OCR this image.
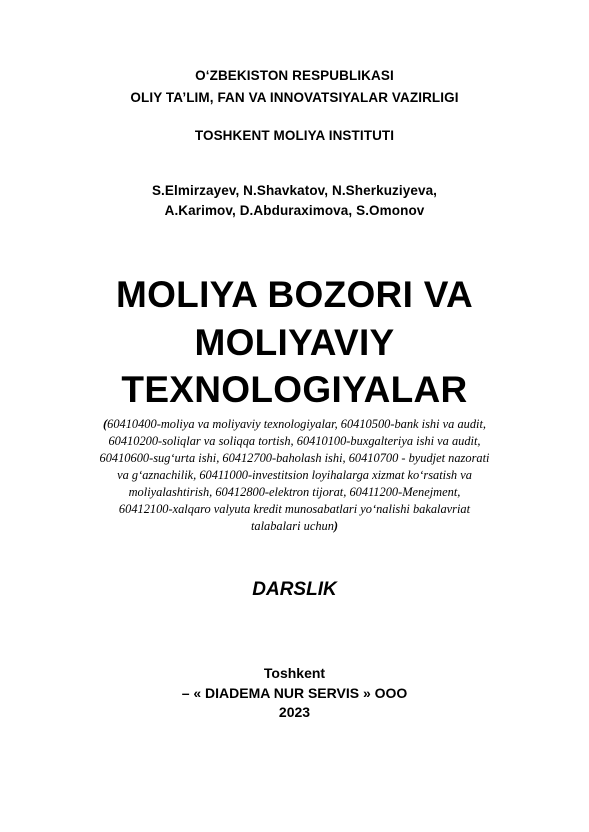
O‘ZBEKISTON RESPUBLIKASI
OLIY TA’LIM, FAN VA INNOVATSIYALAR VAZIRLIGI
TOSHKENT MOLIYA INSTITUTI
S.Elmirzayev, N.Shavkatov, N.Sherkuziyeva,
A.Karimov, D.Abduraximova, S.Omonov
MOLIYA BOZORI VA
MOLIYAVIY
TEXNOLOGIYALAR
(60410400-moliya va moliyaviy texnologiyalar, 60410500-bank ishi va audit,
60410200-soliqlar va soliqqa tortish, 60410100-buxgalteriya ishi va audit,
60410600-sug‘urta ishi, 60412700-baholash ishi, 60410700 - byudjet nazorati
va g‘aznachilik, 60411000-investitsion loyihalarga xizmat ko‘rsatish va
moliyalashtirish, 60412800-elektron tijorat, 60411200-Menejment,
60412100-xalqaro valyuta kredit munosabatlari yo‘nalishi bakalavriat
talabalari uchun)
DARSLIK
Toshkent
– « DIADEMA NUR SERVIS » OOO
2023
